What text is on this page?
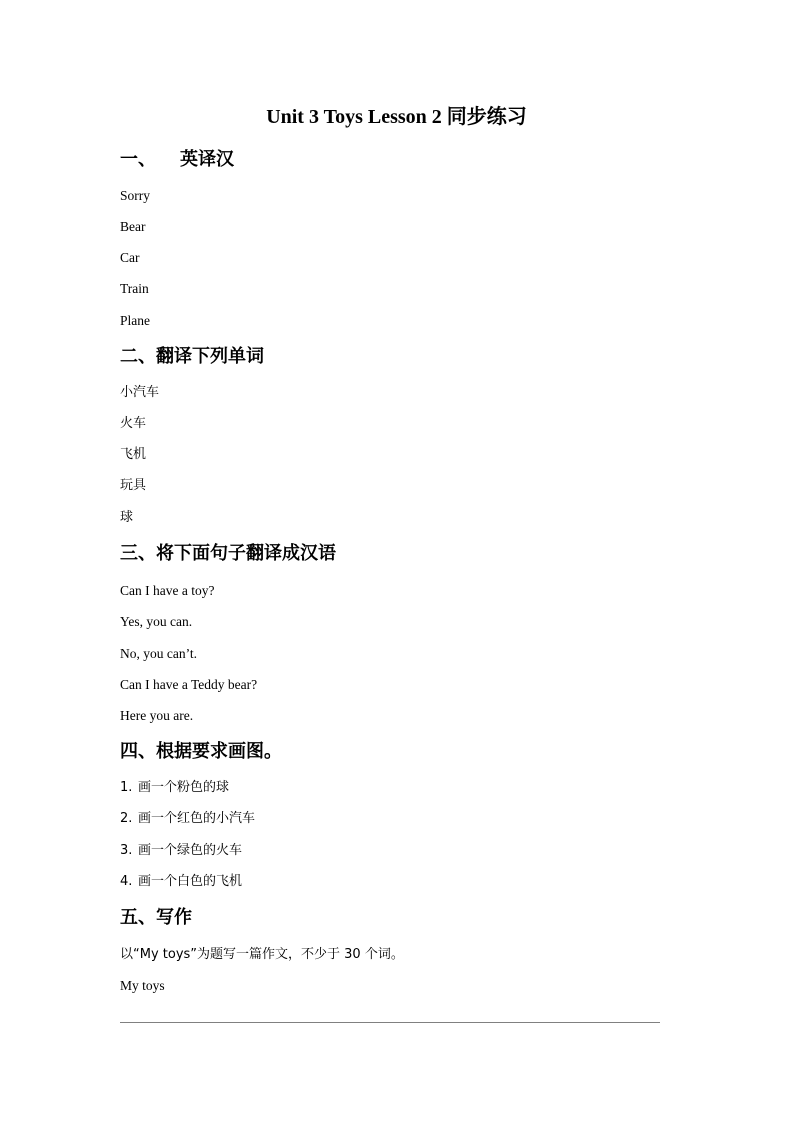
Unit 3 Toys Lesson 2 同步练习
一、 英译汉
Sorry
Bear
Car
Train
Plane
二、翻译下列单词
小汽车
火车
飞机
玩具
球
三、将下面句子翻译成汉语
Can I have a toy?
Yes, you can.
No, you can’t.
Can I have a Teddy bear?
Here you are.
四、根据要求画图。
1. 画一个粉色的球
2. 画一个红色的小汽车
3. 画一个绿色的火车
4. 画一个白色的飞机
五、写作
以“My toys”为题写一篇作文，不少于 30 个词。
My toys
